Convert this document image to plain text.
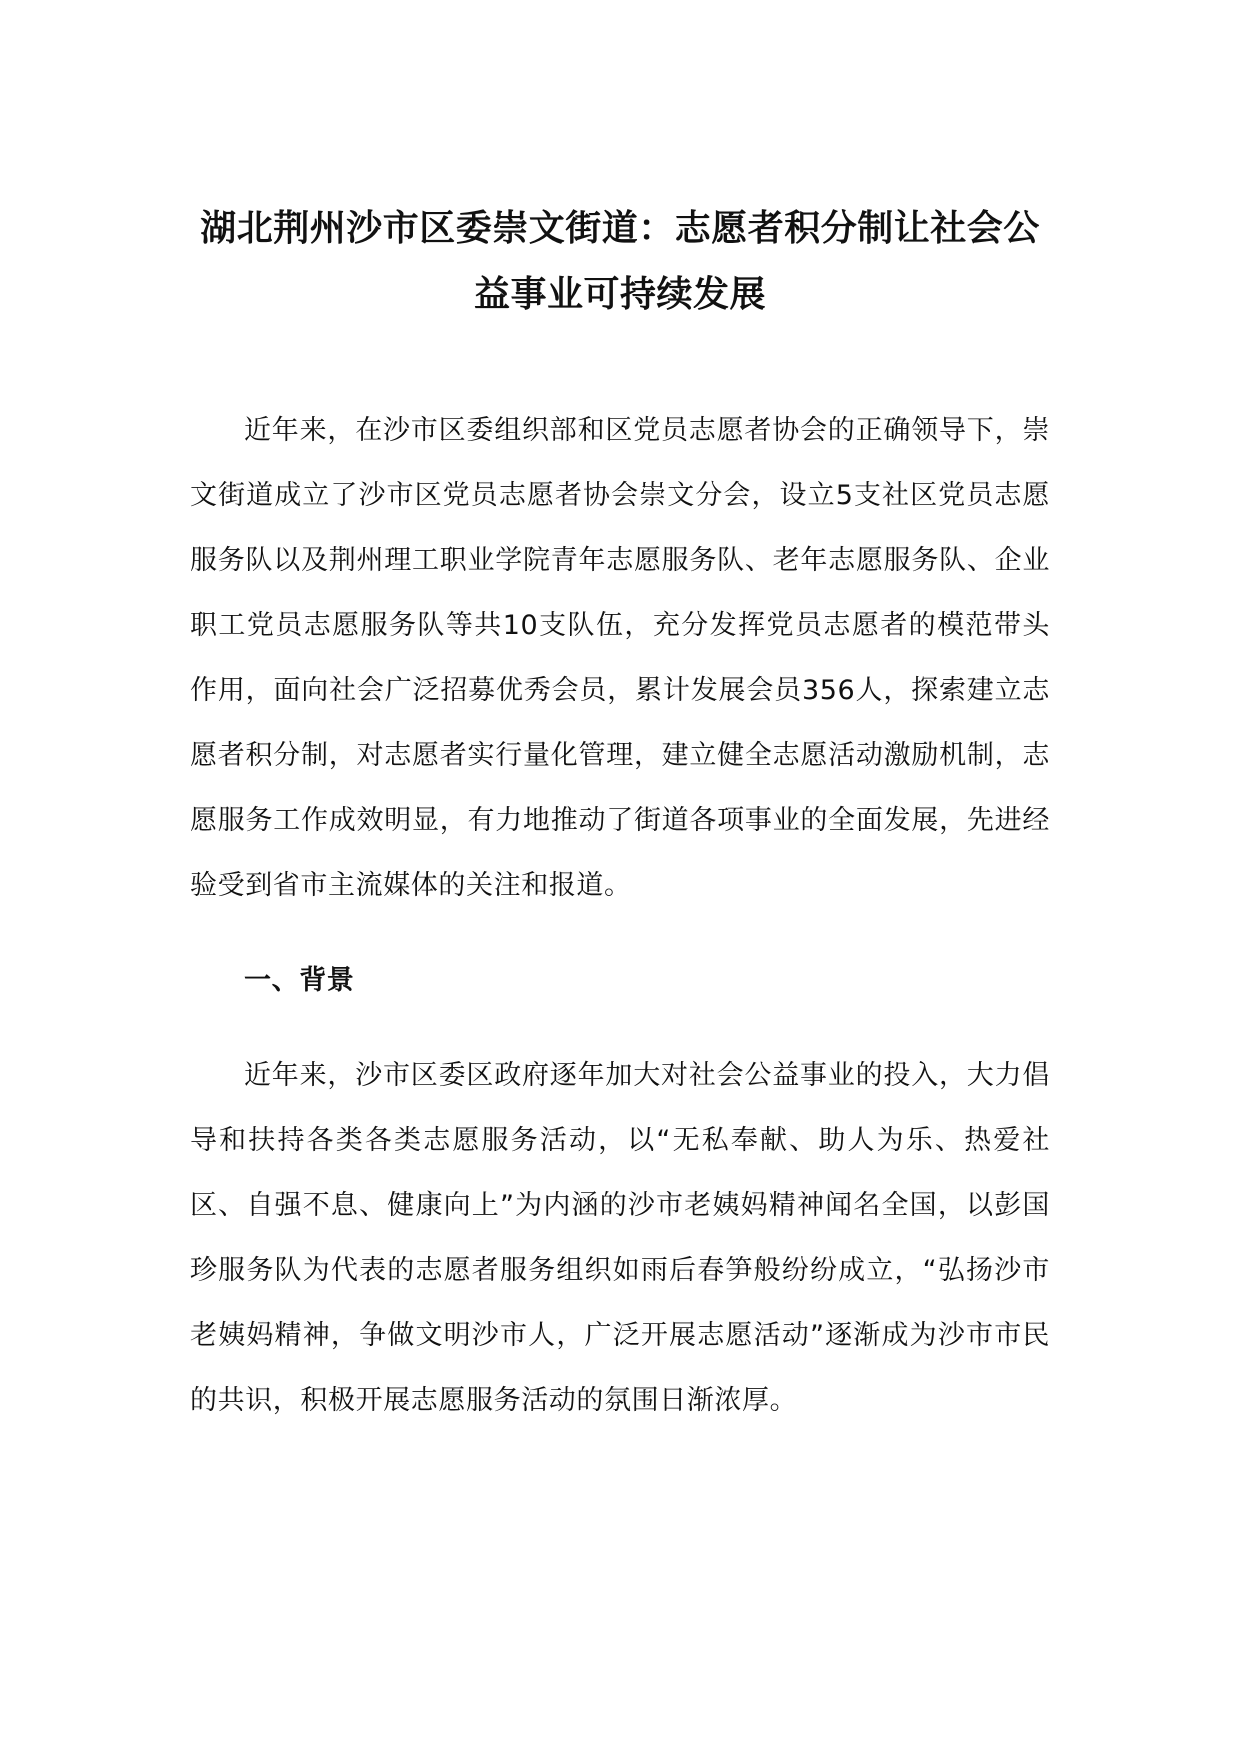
湖北荆州沙市区委崇文街道：志愿者积分制让社会公
益事业可持续发展

近年来，在沙市区委组织部和区党员志愿者协会的正确领导下，崇文街道成立了沙市区党员志愿者协会崇文分会，设立5支社区党员志愿服务队以及荆州理工职业学院青年志愿服务队、老年志愿服务队、企业职工党员志愿服务队等共10支队伍，充分发挥党员志愿者的模范带头作用，面向社会广泛招募优秀会员，累计发展会员356人，探索建立志愿者积分制，对志愿者实行量化管理，建立健全志愿活动激励机制，志愿服务工作成效明显，有力地推动了街道各项事业的全面发展，先进经验受到省市主流媒体的关注和报道。

一、背景

近年来，沙市区委区政府逐年加大对社会公益事业的投入，大力倡导和扶持各类各类志愿服务活动，以“无私奉献、助人为乐、热爱社区、自强不息、健康向上”为内涵的沙市老姨妈精神闻名全国，以彭国珍服务队为代表的志愿者服务组织如雨后春笋般纷纷成立，“弘扬沙市老姨妈精神，争做文明沙市人，广泛开展志愿活动”逐渐成为沙市市民的共识，积极开展志愿服务活动的氛围日渐浓厚。
